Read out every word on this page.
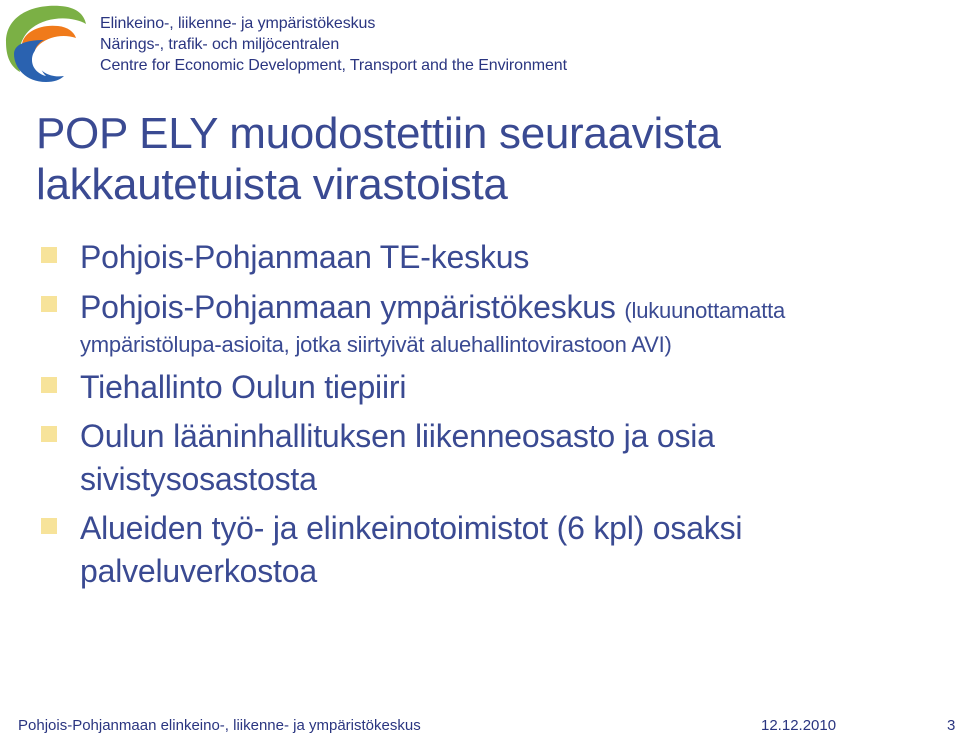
Elinkeino-, liikenne- ja ympäristökeskus
Närings-, trafik- och miljöcentralen
Centre for Economic Development, Transport and the Environment
POP ELY muodostettiin seuraavista
lakkautetuista virastoista
Pohjois-Pohjanmaan TE-keskus
Pohjois-Pohjanmaan ympäristökeskus (lukuunottamatta
ympäristölupa-asioita, jotka siirtyivät aluehallintovirastoon AVI)
Tiehallinto Oulun tiepiiri
Oulun lääninhallituksen liikenneosasto ja osia
sivistysosastosta
Alueiden työ- ja elinkeinotoimistot (6 kpl) osaksi
palveluverkostoa
Pohjois-Pohjanmaan elinkeino-, liikenne- ja ympäristökeskus	12.12.2010	3
